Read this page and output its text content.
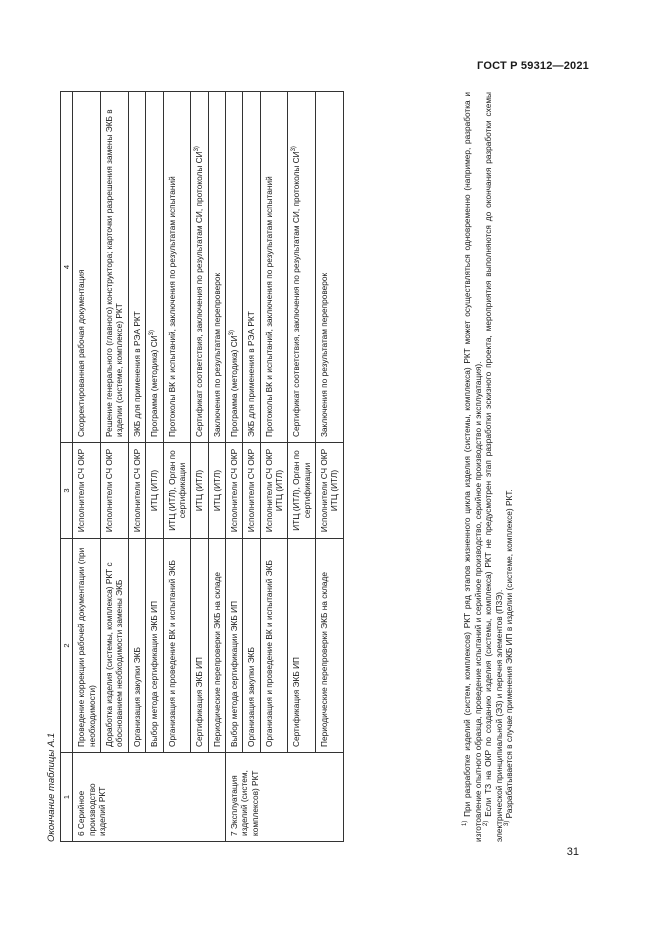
ГОСТ Р 59312—2021
Окончание таблицы А.1 1	2	3	4
6 Серийное производство изделий РКТ	Проведение коррекции рабочей документации (при необходимости)	Исполнители СЧ ОКР	Скорректированная рабочая документация
	Доработка изделия (системы, комплекса) РКТ с обоснованием необходимости замены ЭКБ	Исполнители СЧ ОКР	Решение генерального (главного) конструктора; карточки разрешения замены ЭКБ в изделии (системе, комплексе) РКТ
	Организация закупки ЭКБ	Исполнители СЧ ОКР	ЭКБ для применения в РЭА РКТ
	Выбор метода сертификации ЭКБ ИП	ИТЦ (ИТЛ)	Программа (методика) СИ$^{3)}$
	Организация и проведение ВК и испытаний ЭКБ	ИТЦ (ИТЛ), Орган по сертификации	Протоколы ВК и испытаний, заключения по результатам испытаний
	Сертификация ЭКБ ИП	ИТЦ (ИТЛ)	Сертификат соответствия, заключения по результатам СИ, протоколы СИ$^{3)}$
	Периодические перепроверки ЭКБ на складе	ИТЦ (ИТЛ)	Заключения по результатам перепроверок
7 Эксплуатация изделий (систем, комплексов) РКТ	Выбор метода сертификации ЭКБ ИП	Исполнители СЧ ОКР	Программа (методика) СИ$^{3)}$
	Организация закупки ЭКБ	Исполнители СЧ ОКР	ЭКБ для применения в РЭА РКТ
	Организация и проведение ВК и испытаний ЭКБ	Исполнители СЧ ОКР ИТЦ (ИТЛ)	Протоколы ВК и испытаний, заключения по результатам испытаний
	Сертификация ЭКБ ИП	ИТЦ (ИТЛ), Орган по сертификации	Сертификат соответствия, заключения по результатам СИ, протоколы СИ$^{3)}$
	Периодические перепроверки ЭКБ на складе	Исполнители СЧ ОКР ИТЦ (ИТЛ)	Заключения по результатам перепроверок

$^{1)}$ При разработке изделий (систем, комплексов) РКТ ряд этапов жизненного цикла изделия (системы, комплекса) РКТ может осуществляться одновременно (например, разработка и изготовление опытного образца, проведение испытаний и серийное производство, серийное производство и эксплуатация). $^{2)}$ Если ТЗ на ОКР по созданию изделия (системы, комплекса) РКТ не предусмотрен этап разработки эскизного проекта, мероприятия выполняются до окончания разработки схемы электрической принципиальной (Э3) и перечня элементов (П3Э). $^{3)}$ Разрабатывается в случае применения ЭКБ ИП в изделии (системе, комплексе) РКТ.

31
